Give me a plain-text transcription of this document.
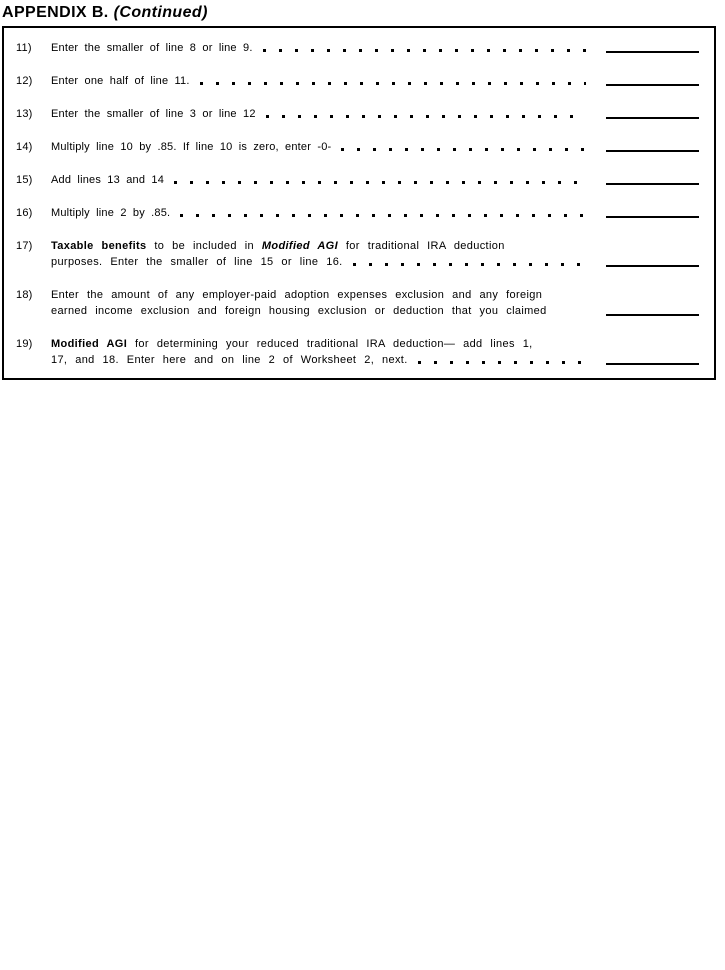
APPENDIX B. (Continued)
11)	Enter the smaller of line 8 or line 9.
12)	Enter one half of line 11.
13)	Enter the smaller of line 3 or line 12
14)	Multiply line 10 by .85. If line 10 is zero, enter -0-
15)	Add lines 13 and 14
16)	Multiply line 2 by .85.
17)	Taxable benefits to be included in Modified AGI for traditional IRA deduction
purposes. Enter the smaller of line 15 or line 16.
18)	Enter the amount of any employer-paid adoption expenses exclusion and any foreign
earned income exclusion and foreign housing exclusion or deduction that you claimed
19)	Modified AGI for determining your reduced traditional IRA deduction— add lines 1,
17, and 18. Enter here and on line 2 of Worksheet 2, next.
